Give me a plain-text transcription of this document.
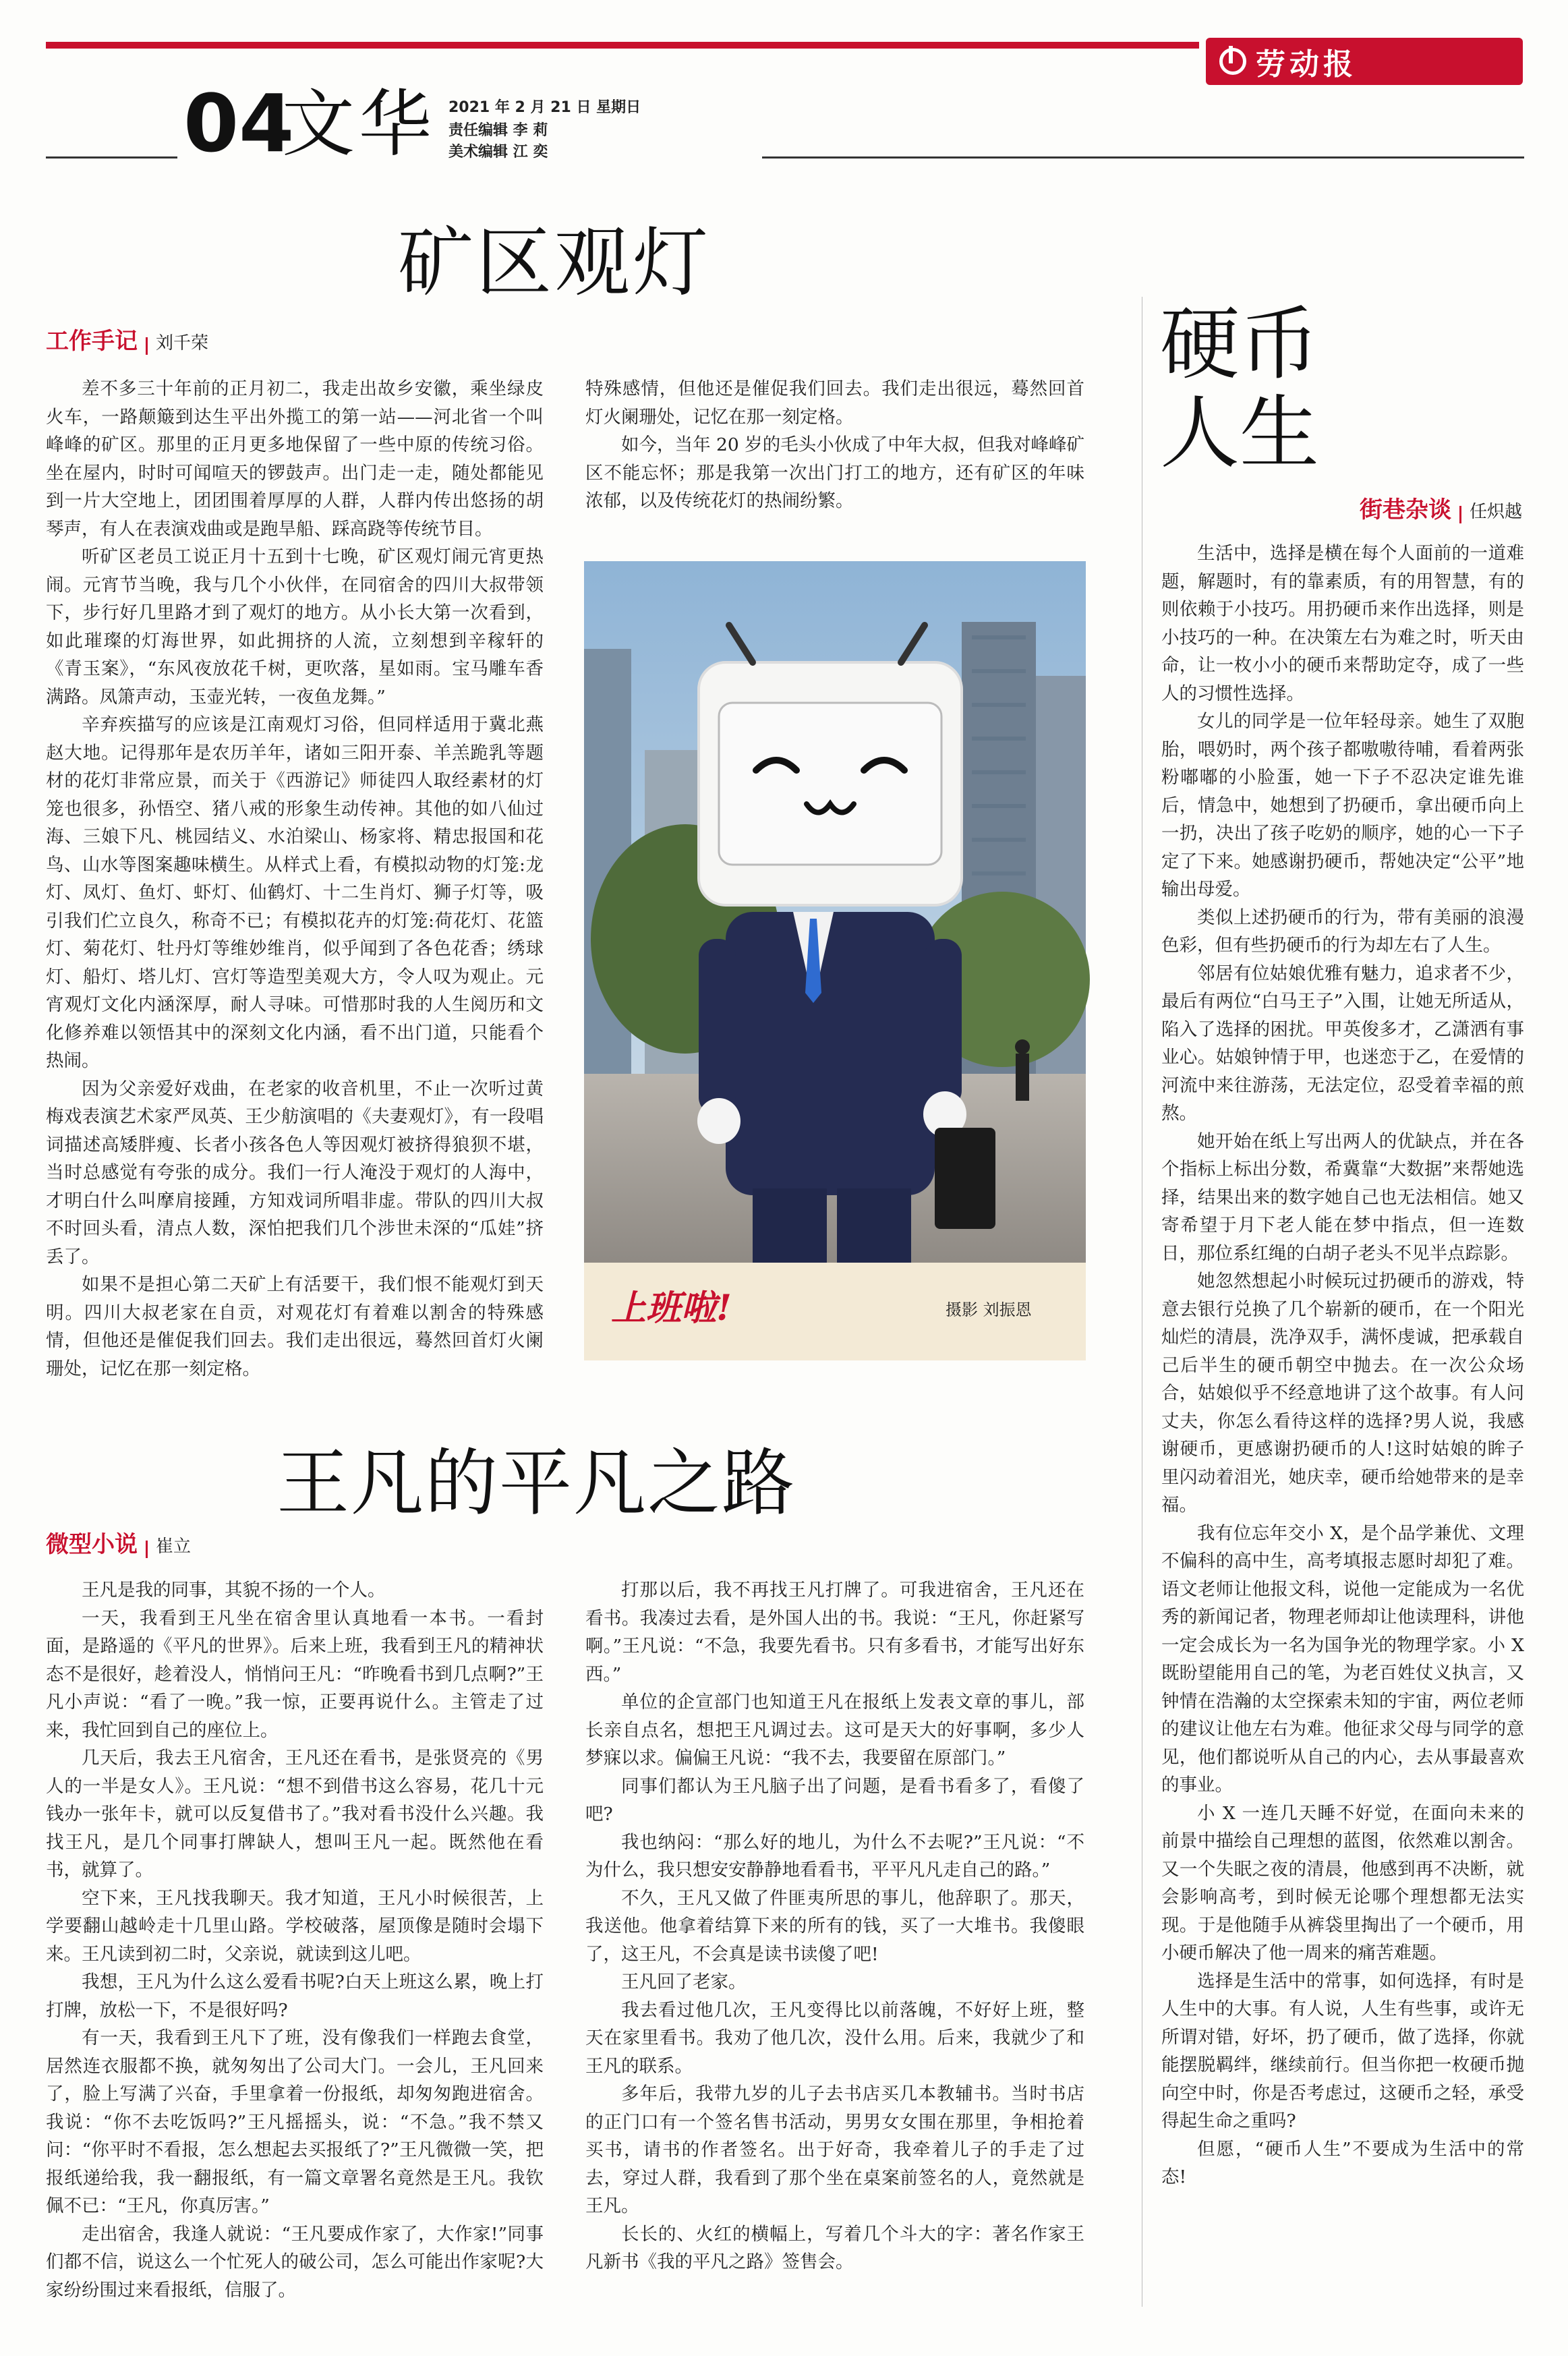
劳动报
04
文华 2021 年 2 月 21 日 星期日
责任编辑 李 莉
美术编辑 江 奕
矿区观灯
工作手记 刘千荣

差不多三十年前的正月初二，我走出故乡安徽，乘坐绿皮火车，一路颠簸到达生平出外揽工的第一站——河北省一个叫峰峰的矿区。那里的正月更多地保留了一些中原的传统习俗。坐在屋内，时时可闻喧天的锣鼓声。出门走一走，随处都能见到一片大空地上，团团围着厚厚的人群，人群内传出悠扬的胡琴声，有人在表演戏曲或是跑旱船、踩高跷等传统节目。

听矿区老员工说正月十五到十七晚，矿区观灯闹元宵更热闹。元宵节当晚，我与几个小伙伴，在同宿舍的四川大叔带领下，步行好几里路才到了观灯的地方。从小长大第一次看到，如此璀璨的灯海世界，如此拥挤的人流，立刻想到辛稼轩的《青玉案》，“东风夜放花千树，更吹落，星如雨。宝马雕车香满路。凤箫声动，玉壶光转，一夜鱼龙舞。”

辛弃疾描写的应该是江南观灯习俗，但同样适用于冀北燕赵大地。记得那年是农历羊年，诸如三阳开泰、羊羔跪乳等题材的花灯非常应景，而关于《西游记》师徒四人取经素材的灯笼也很多，孙悟空、猪八戒的形象生动传神。其他的如八仙过海、三娘下凡、桃园结义、水泊梁山、杨家将、精忠报国和花鸟、山水等图案趣味横生。从样式上看，有模拟动物的灯笼:龙灯、凤灯、鱼灯、虾灯、仙鹤灯、十二生肖灯、狮子灯等，吸引我们伫立良久，称奇不已；有模拟花卉的灯笼:荷花灯、花篮灯、菊花灯、牡丹灯等维妙维肖，似乎闻到了各色花香；绣球灯、船灯、塔儿灯、宫灯等造型美观大方，令人叹为观止。元宵观灯文化内涵深厚，耐人寻味。可惜那时我的人生阅历和文化修养难以领悟其中的深刻文化内涵，看不出门道，只能看个热闹。

因为父亲爱好戏曲，在老家的收音机里，不止一次听过黄梅戏表演艺术家严凤英、王少舫演唱的《夫妻观灯》，有一段唱词描述高矮胖瘦、长者小孩各色人等因观灯被挤得狼狈不堪，当时总感觉有夸张的成分。我们一行人淹没于观灯的人海中，才明白什么叫摩肩接踵，方知戏词所唱非虚。带队的四川大叔不时回头看，清点人数，深怕把我们几个涉世未深的“瓜娃”挤丢了。

如果不是担心第二天矿上有活要干，我们恨不能观灯到天明。四川大叔老家在自贡，对观花灯有着难以割舍的特殊感情，但他还是催促我们回去。我们走出很远，蓦然回首灯火阑珊处，记忆在那一刻定格。

特殊感情，但他还是催促我们回去。我们走出很远，蓦然回首灯火阑珊处，记忆在那一刻定格。

如今，当年 20 岁的毛头小伙成了中年大叔，但我对峰峰矿区不能忘怀；那是我第一次出门打工的地方，还有矿区的年味浓郁，以及传统花灯的热闹纷繁。

上班啦!	摄影 刘振恩
王凡的平凡之路
微型小说 崔立

王凡是我的同事，其貌不扬的一个人。

一天，我看到王凡坐在宿舍里认真地看一本书。一看封面，是路遥的《平凡的世界》。后来上班，我看到王凡的精神状态不是很好，趁着没人，悄悄问王凡：“昨晚看书到几点啊?”王凡小声说：“看了一晚。”我一惊，正要再说什么。主管走了过来，我忙回到自己的座位上。

几天后，我去王凡宿舍，王凡还在看书，是张贤亮的《男人的一半是女人》。王凡说：“想不到借书这么容易，花几十元钱办一张年卡，就可以反复借书了。”我对看书没什么兴趣。我找王凡，是几个同事打牌缺人，想叫王凡一起。既然他在看书，就算了。

空下来，王凡找我聊天。我才知道，王凡小时候很苦，上学要翻山越岭走十几里山路。学校破落，屋顶像是随时会塌下来。王凡读到初二时，父亲说，就读到这儿吧。

我想，王凡为什么这么爱看书呢?白天上班这么累，晚上打打牌，放松一下，不是很好吗?

有一天，我看到王凡下了班，没有像我们一样跑去食堂，居然连衣服都不换，就匆匆出了公司大门。一会儿，王凡回来了，脸上写满了兴奋，手里拿着一份报纸，却匆匆跑进宿舍。我说：“你不去吃饭吗?”王凡摇摇头，说：“不急。”我不禁又问：“你平时不看报，怎么想起去买报纸了?”王凡微微一笑，把报纸递给我，我一翻报纸，有一篇文章署名竟然是王凡。我钦佩不已：“王凡，你真厉害。”

走出宿舍，我逢人就说：“王凡要成作家了，大作家!”同事们都不信，说这么一个忙死人的破公司，怎么可能出作家呢?大家纷纷围过来看报纸，信服了。

打那以后，我不再找王凡打牌了。可我进宿舍，王凡还在看书。我凑过去看，是外国人出的书。我说：“王凡，你赶紧写啊。”王凡说：“不急，我要先看书。只有多看书，才能写出好东西。”

单位的企宣部门也知道王凡在报纸上发表文章的事儿，部长亲自点名，想把王凡调过去。这可是天大的好事啊，多少人梦寐以求。偏偏王凡说：“我不去，我要留在原部门。”

同事们都认为王凡脑子出了问题，是看书看多了，看傻了吧?

我也纳闷：“那么好的地儿，为什么不去呢?”王凡说：“不为什么，我只想安安静静地看看书，平平凡凡走自己的路。”

不久，王凡又做了件匪夷所思的事儿，他辞职了。那天，我送他。他拿着结算下来的所有的钱，买了一大堆书。我傻眼了，这王凡，不会真是读书读傻了吧!

王凡回了老家。

我去看过他几次，王凡变得比以前落魄，不好好上班，整天在家里看书。我劝了他几次，没什么用。后来，我就少了和王凡的联系。

多年后，我带九岁的儿子去书店买几本教辅书。当时书店的正门口有一个签名售书活动，男男女女围在那里，争相抢着买书，请书的作者签名。出于好奇，我牵着儿子的手走了过去，穿过人群，我看到了那个坐在桌案前签名的人，竟然就是王凡。

长长的、火红的横幅上，写着几个斗大的字：著名作家王凡新书《我的平凡之路》签售会。

硬币
人生
街巷杂谈 任炽越

生活中，选择是横在每个人面前的一道难题，解题时，有的靠素质，有的用智慧，有的则依赖于小技巧。用扔硬币来作出选择，则是小技巧的一种。在决策左右为难之时，听天由命，让一枚小小的硬币来帮助定夺，成了一些人的习惯性选择。

女儿的同学是一位年轻母亲。她生了双胞胎，喂奶时，两个孩子都嗷嗷待哺，看着两张粉嘟嘟的小脸蛋，她一下子不忍决定谁先谁后，情急中，她想到了扔硬币，拿出硬币向上一扔，决出了孩子吃奶的顺序，她的心一下子定了下来。她感谢扔硬币，帮她决定“公平”地输出母爱。

类似上述扔硬币的行为，带有美丽的浪漫色彩，但有些扔硬币的行为却左右了人生。

邻居有位姑娘优雅有魅力，追求者不少，最后有两位“白马王子”入围，让她无所适从，陷入了选择的困扰。甲英俊多才，乙潇洒有事业心。姑娘钟情于甲，也迷恋于乙，在爱情的河流中来往游荡，无法定位，忍受着幸福的煎熬。

她开始在纸上写出两人的优缺点，并在各个指标上标出分数，希冀靠“大数据”来帮她选择，结果出来的数字她自己也无法相信。她又寄希望于月下老人能在梦中指点，但一连数日，那位系红绳的白胡子老头不见半点踪影。

她忽然想起小时候玩过扔硬币的游戏，特意去银行兑换了几个崭新的硬币，在一个阳光灿烂的清晨，洗净双手，满怀虔诚，把承载自己后半生的硬币朝空中抛去。在一次公众场合，姑娘似乎不经意地讲了这个故事。有人问丈夫，你怎么看待这样的选择?男人说，我感谢硬币，更感谢扔硬币的人!这时姑娘的眸子里闪动着泪光，她庆幸，硬币给她带来的是幸福。

我有位忘年交小 X，是个品学兼优、文理不偏科的高中生，高考填报志愿时却犯了难。语文老师让他报文科，说他一定能成为一名优秀的新闻记者，物理老师却让他读理科，讲他一定会成长为一名为国争光的物理学家。小 X 既盼望能用自己的笔，为老百姓仗义执言，又钟情在浩瀚的太空探索未知的宇宙，两位老师的建议让他左右为难。他征求父母与同学的意见，他们都说听从自己的内心，去从事最喜欢的事业。

小 X 一连几天睡不好觉，在面向未来的前景中描绘自己理想的蓝图，依然难以割舍。又一个失眠之夜的清晨，他感到再不决断，就会影响高考，到时候无论哪个理想都无法实现。于是他随手从裤袋里掏出了一个硬币，用小硬币解决了他一周来的痛苦难题。

选择是生活中的常事，如何选择，有时是人生中的大事。有人说，人生有些事，或许无所谓对错，好坏，扔了硬币，做了选择，你就能摆脱羁绊，继续前行。但当你把一枚硬币抛向空中时，你是否考虑过，这硬币之轻，承受得起生命之重吗?

但愿，“硬币人生”不要成为生活中的常态!
